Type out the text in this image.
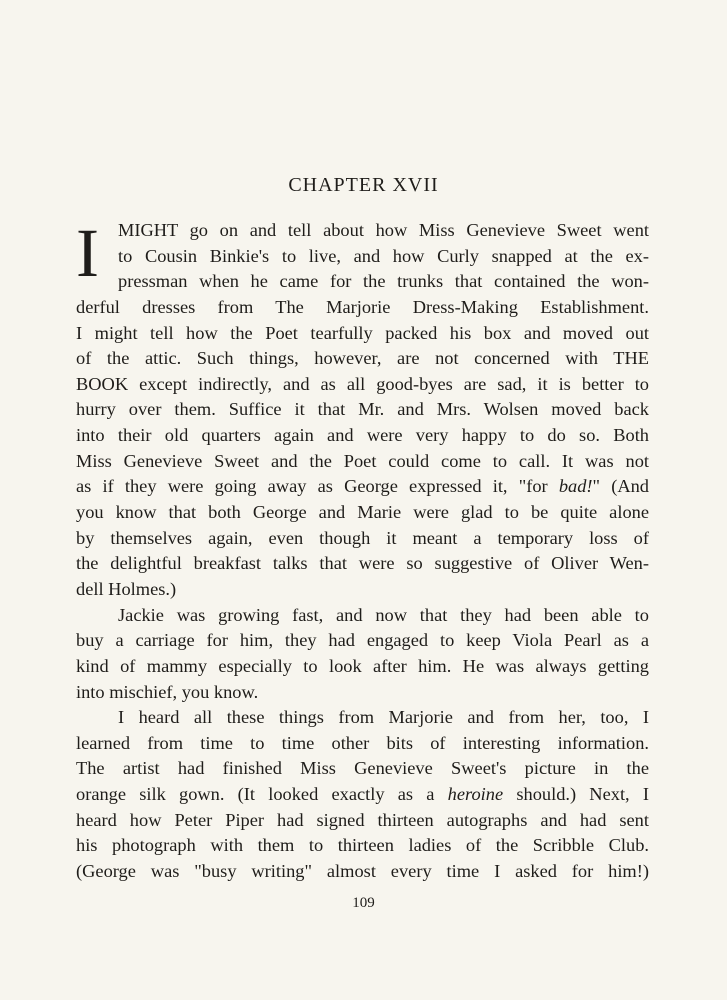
CHAPTER XVII
I	MIGHT go on and tell about how Miss Genevieve Sweet went
to Cousin Binkie's to live, and how Curly snapped at the ex-
pressman when he came for the trunks that contained the won-
derful dresses from The Marjorie Dress-Making Establishment.
I might tell how the Poet tearfully packed his box and moved out
of the attic. Such things, however, are not concerned with THE
BOOK except indirectly, and as all good-byes are sad, it is better to
hurry over them. Suffice it that Mr. and Mrs. Wolsen moved back
into their old quarters again and were very happy to do so. Both
Miss Genevieve Sweet and the Poet could come to call. It was not
as if they were going away as George expressed it, "for bad!" (And
you know that both George and Marie were glad to be quite alone
by themselves again, even though it meant a temporary loss of
the delightful breakfast talks that were so suggestive of Oliver Wen-
dell Holmes.)
Jackie was growing fast, and now that they had been able to
buy a carriage for him, they had engaged to keep Viola Pearl as a
kind of mammy especially to look after him. He was always getting
into mischief, you know.
I heard all these things from Marjorie and from her, too, I
learned from time to time other bits of interesting information.
The artist had finished Miss Genevieve Sweet's picture in the
orange silk gown. (It looked exactly as a heroine should.) Next, I
heard how Peter Piper had signed thirteen autographs and had sent
his photograph with them to thirteen ladies of the Scribble Club.
(George was "busy writing" almost every time I asked for him!)

109
